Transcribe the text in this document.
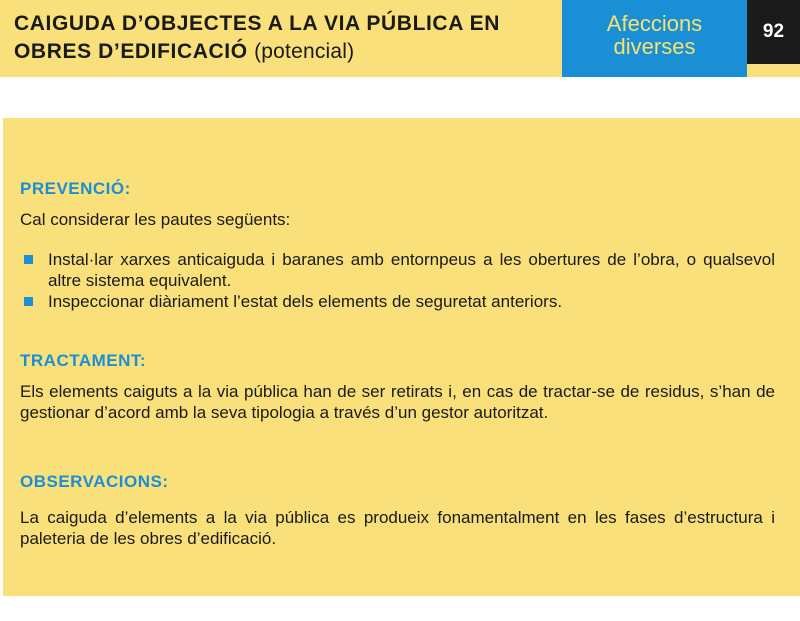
CAIGUDA D’OBJECTES A LA VIA PÚBLICA EN
OBRES D’EDIFICACIÓ (potencial)
Afeccions
diverses
92
PREVENCIÓ:
Cal considerar les pautes següents:
Instal·lar xarxes anticaiguda i baranes amb entornpeus a les obertures de l’obra, o qualsevol altre sistema equivalent.
Inspeccionar diàriament l’estat dels elements de seguretat anteriors.
TRACTAMENT:
Els elements caiguts a la via pública han de ser retirats i, en cas de tractar-se de residus, s’han de gestionar d’acord amb la seva tipologia a través d’un gestor autoritzat.
OBSERVACIONS:
La caiguda d’elements a la via pública es produeix fonamentalment en les fases d’estructura i paleteria de les obres d’edificació.
